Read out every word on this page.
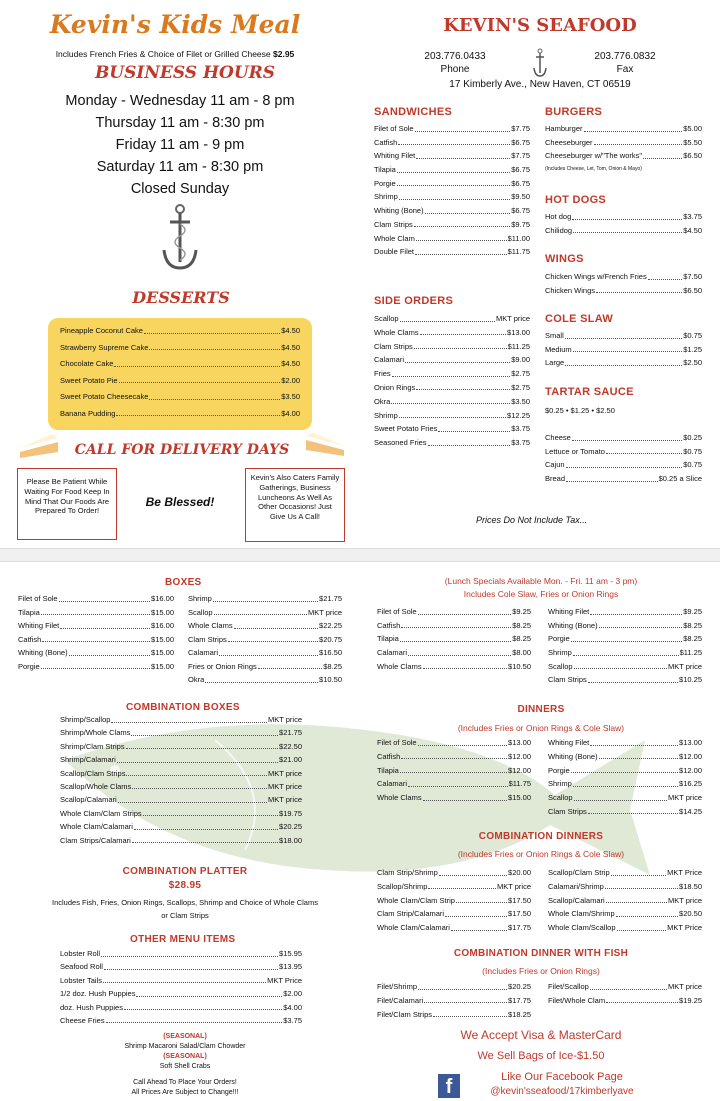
Kevin's Kids Meal
Includes French Fries & Choice of Filet or Grilled Cheese $2.95
BUSINESS HOURS
Monday - Wednesday 11 am - 8 pm
Thursday 11 am - 8:30 pm
Friday 11 am - 9 pm
Saturday 11 am - 8:30 pm
Closed Sunday
DESSERTS
Pineapple Coconut Cake	$4.50
Strawberry Supreme Cake	$4.50
Chocolate Cake	$4.50
Sweet Potato Pie	$2.00
Sweet Potato Cheesecake	$3.50
Banana Pudding	$4.00
CALL FOR DELIVERY DAYS
Please Be Patient While Waiting For Food Keep In Mind That Our Foods Are Prepared To Order!
Be Blessed!
Kevin's Also Caters Family Gatherings, Business Luncheons As Well As Other Occasions! Just Give Us A Call!
KEVIN'S SEAFOOD
203.776.0433
Phone
203.776.0832
Fax
17 Kimberly Ave., New Haven, CT 06519
SANDWICHES
Filet of Sole	$7.75
Catfish	$6.75
Whiting Filet	$7.75
Tilapia	$6.75
Porgie	$6.75
Shrimp	$9.50
Whiting (Bone)	$6.75
Clam Strips	$9.75
Whole Clam	$11.00
Double Filet	$11.75
SIDE ORDERS
Scallop	MKT price
Whole Clams	$13.00
Clam Strips	$11.25
Calamari	$9.00
Fries	$2.75
Onion Rings	$2.75
Okra	$3.50
Shrimp	$12.25
Sweet Potato Fries	$3.75
Seasoned Fries	$3.75
BURGERS
Hamburger	$5.00
Cheeseburger	$5.50
Cheeseburger w/"The works"	$6.50
(Includes Cheese, Let, Tom, Onion & Mayo)
HOT DOGS
Hot dog	$3.75
Chilidog	$4.50
WINGS
Chicken Wings w/French Fries	$7.50
Chicken Wings	$6.50
COLE SLAW
Small	$0.75
Medium	$1.25
Large	$2.50
TARTAR SAUCE
$0.25 • $1.25 • $2.50
Cheese	$0.25
Lettuce or Tomato	$0.75
Cajun	$0.75
Bread	$0.25 a Slice
Prices Do Not Include Tax...
BOXES
Filet of Sole	$16.00
Tilapia	$15.00
Whiting Filet	$16.00
Catfish	$15.00
Whiting (Bone)	$15.00
Porgie	$15.00
Shrimp	$21.75
Scallop	MKT price
Whole Clams	$22.25
Clam Strips	$20.75
Calamari	$16.50
Fries or Onion Rings	$8.25
Okra	$10.50
COMBINATION BOXES
Shrimp/Scallop	MKT price
Shrimp/Whole Clams	$21.75
Shrimp/Clam Strips	$22.50
Shrimp/Calamari	$21.00
Scallop/Clam Strips	MKT price
Scallop/Whole Clams	MKT price
Scallop/Calamari	MKT price
Whole Clam/Clam Strips	$19.75
Whole Clam/Calamari	$20.25
Clam Strips/Calamari	$18.00
COMBINATION PLATTER
$28.95
Includes Fish, Fries, Onion Rings, Scallops, Shrimp and Choice of Whole Clams or Clam Strips
OTHER MENU ITEMS
Lobster Roll	$15.95
Seafood Roll	$13.95
Lobster Tails	MKT Price
1/2 doz. Hush Puppies	$2.00
doz. Hush Puppies	$4.00
Cheese Fries	$3.75
(SEASONAL)
Shrimp Macaroni Salad/Clam Chowder
(SEASONAL)
Soft Shell Crabs
Call Ahead To Place Your Orders!
All Prices Are Subject to Change!!!
(Lunch Specials Available Mon. - Fri. 11 am - 3 pm)
Includes Cole Slaw, Fries or Onion Rings
Filet of Sole	$9.25
Catfish	$8.25
Tilapia	$8.25
Calamari	$8.00
Whole Clams	$10.50
Whiting Filet	$9.25
Whiting (Bone)	$8.25
Porgie	$8.25
Shrimp	$11.25
Scallop	MKT price
Clam Strips	$10.25
DINNERS
(Includes Fries or Onion Rings & Cole Slaw)
Filet of Sole	$13.00
Catfish	$12.00
Tilapia	$12.00
Calamari	$11.75
Whole Clams	$15.00
Whiting Filet	$13.00
Whiting (Bone)	$12.00
Porgie	$12.00
Shrimp	$16.25
Scallop	MKT price
Clam Strips	$14.25
COMBINATION DINNERS
(Includes Fries or Onion Rings & Cole Slaw)
Clam Strip/Shrimp	$20.00
Scallop/Shrimp	MKT price
Whole Clam/Clam Strip	$17.50
Clam Strip/Calamari	$17.50
Whole Clam/Calamari	$17.75
Scallop/Clam Strip	MKT Price
Calamari/Shrimp	$18.50
Scallop/Calamari	MKT price
Whole Clam/Shrimp	$20.50
Whole Clam/Scallop	MKT Price
COMBINATION DINNER WITH FISH
(Includes Fries or Onion Rings)
Filet/Shrimp	$20.25
Filet/Calamari	$17.75
Filet/Clam Strips	$18.25
Filet/Scallop	MKT price
Filet/Whole Clam	$19.25
We Accept Visa & MasterCard
We Sell Bags of Ice-$1.50
f	Like Our Facebook Page
@kevin'sseafood/17kimberlyave
